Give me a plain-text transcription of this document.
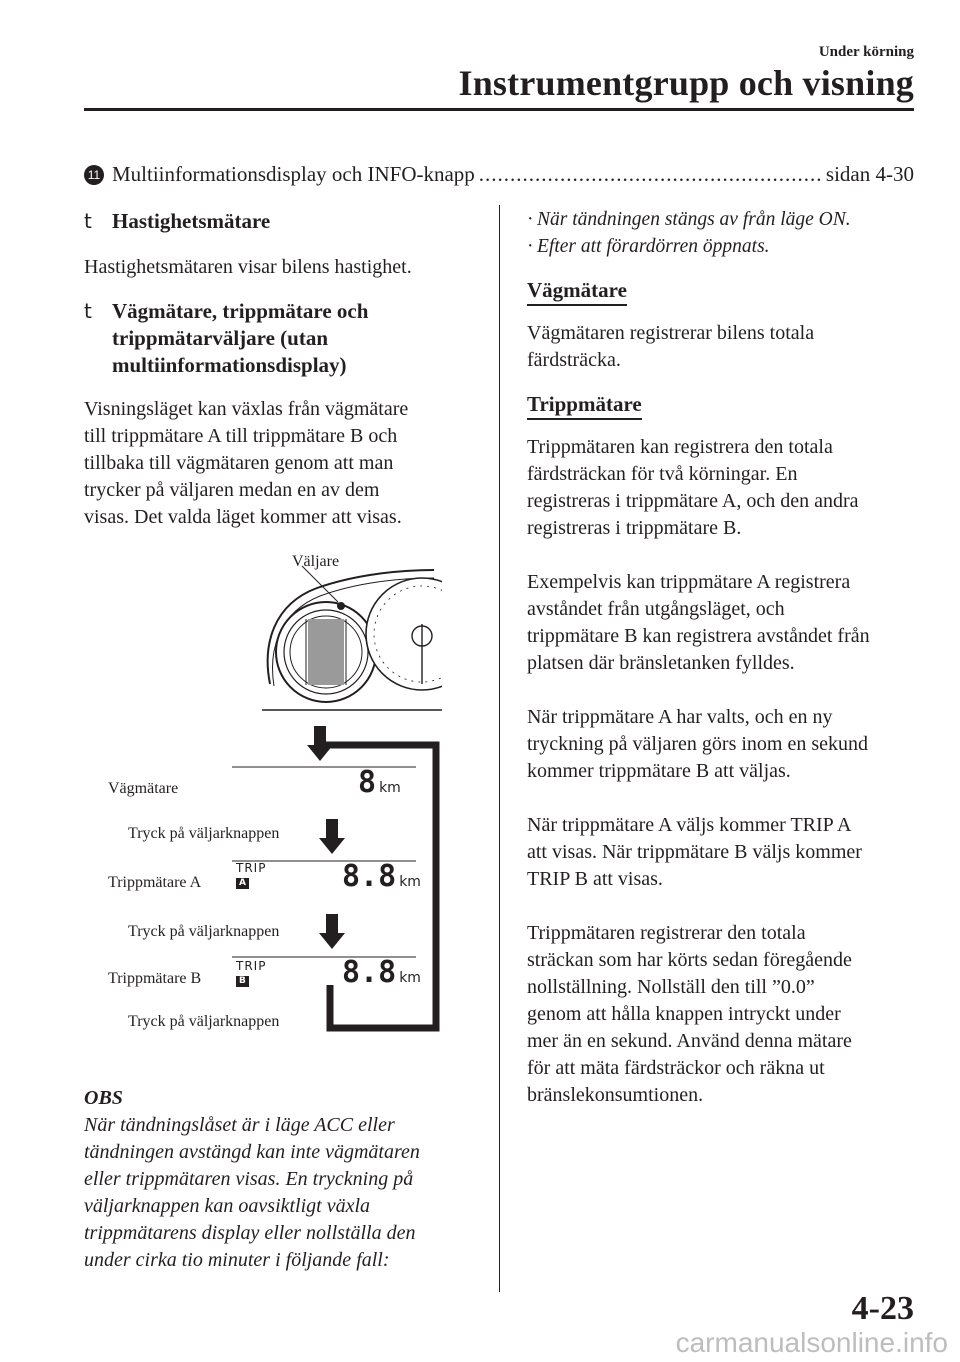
Under körning
Instrumentgrupp och visning
11 Multiinformationsdisplay och INFO-knapp
.....	sidan 4-30
t Hastighetsmätare

Hastighetsmätaren visar bilens hastighet.

t Vägmätare, trippmätare och
trippmätarväljare (utan
multiinformationsdisplay)
Visningsläget kan växlas från vägmätare
till trippmätare A till trippmätare B och
tillbaka till vägmätaren genom att man
trycker på väljaren medan en av dem
visas. Det valda läget kommer att visas.
Väljare
Vägmätare
Tryck på väljarknappen
Trippmätare A
Tryck på väljarknappen
Trippmätare B
Tryck på väljarknappen
8 km
TRIP
A	8.8 km
TRIP
B	8.8 km
OBS
När tändningslåset är i läge ACC eller
tändningen avstängd kan inte vägmätaren
eller trippmätaren visas. En tryckning på
väljarknappen kan oavsiktligt växla
trippmätarens display eller nollställa den
under cirka tio minuter i följande fall:
· När tändningen stängs av från läge ON.
· Efter att förardörren öppnats.
Vägmätare
Vägmätaren registrerar bilens totala
färdsträcka.
Trippmätare
Trippmätaren kan registrera den totala
färdsträckan för två körningar. En
registreras i trippmätare A, och den andra
registreras i trippmätare B.
Exempelvis kan trippmätare A registrera
avståndet från utgångsläget, och
trippmätare B kan registrera avståndet från
platsen där bränsletanken fylldes.
När trippmätare A har valts, och en ny
tryckning på väljaren görs inom en sekund
kommer trippmätare B att väljas.
När trippmätare A väljs kommer TRIP A
att visas. När trippmätare B väljs kommer
TRIP B att visas.
Trippmätaren registrerar den totala
sträckan som har körts sedan föregående
nollställning. Nollställ den till ”0.0”
genom att hålla knappen intryckt under
mer än en sekund. Använd denna mätare
för att mäta färdsträckor och räkna ut
bränslekonsumtionen.
4-23
carmanualsonline.info
